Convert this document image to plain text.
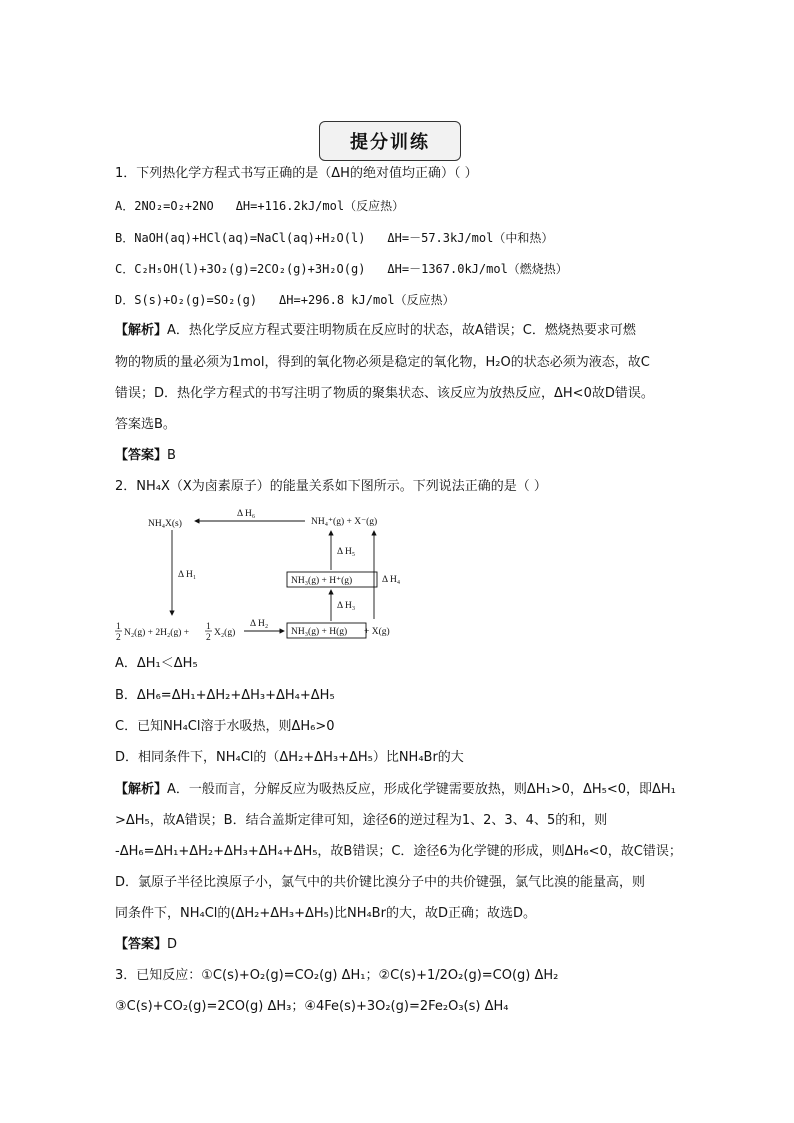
提分训练
1．下列热化学方程式书写正确的是（ΔH的绝对值均正确）（ ）
A．2NO₂=O₂+2NO ΔH=+116.2kJ/mol（反应热）
B．NaOH(aq)+HCl(aq)=NaCl(aq)+H₂O(l) ΔH=－57.3kJ/mol（中和热）
C．C₂H₅OH(l)+3O₂(g)=2CO₂(g)+3H₂O(g) ΔH=－1367.0kJ/mol（燃烧热）
D．S(s)+O₂(g)=SO₂(g) ΔH=+296.8 kJ/mol（反应热）
【解析】A．热化学反应方程式要注明物质在反应时的状态，故A错误；C．燃烧热要求可燃
物的物质的量必须为1mol，得到的氧化物必须是稳定的氧化物，H₂O的状态必须为液态，故C
错误；D．热化学方程式的书写注明了物质的聚集状态、该反应为放热反应，ΔH<0故D错误。
答案选B。
【答案】B
2．NH₄X（X为卤素原子）的能量关系如下图所示。下列说法正确的是（ ）
NH₄X(s)	NH₄⁺(g) + X⁻(g)
Δ H₆
Δ H₁
NH₃(g) + H⁺(g)
Δ H₅
Δ H₄
NH₃(g) + H(g) + X(g)
Δ H₃
1
2 N₂(g) + 2H₂(g) +
1
2 X₂(g)
Δ H₂
A．ΔH₁＜ΔH₅
B．ΔH₆=ΔH₁+ΔH₂+ΔH₃+ΔH₄+ΔH₅
C．已知NH₄Cl溶于水吸热，则ΔH₆>0
D．相同条件下，NH₄Cl的（ΔH₂+ΔH₃+ΔH₅）比NH₄Br的大
【解析】A．一般而言，分解反应为吸热反应，形成化学键需要放热，则ΔH₁>0，ΔH₅<0，即ΔH₁
>ΔH₅，故A错误；B．结合盖斯定律可知，途径6的逆过程为1、2、3、4、5的和，则
-ΔH₆=ΔH₁+ΔH₂+ΔH₃+ΔH₄+ΔH₅，故B错误；C．途径6为化学键的形成，则ΔH₆<0，故C错误；
D．氯原子半径比溴原子小，氯气中的共价键比溴分子中的共价键强，氯气比溴的能量高，则
同条件下，NH₄Cl的(ΔH₂+ΔH₃+ΔH₅)比NH₄Br的大，故D正确；故选D。
【答案】D
3．已知反应：①C(s)+O₂(g)=CO₂(g) ΔH₁；②C(s)+1/2O₂(g)=CO(g) ΔH₂
③C(s)+CO₂(g)=2CO(g) ΔH₃；④4Fe(s)+3O₂(g)=2Fe₂O₃(s) ΔH₄
